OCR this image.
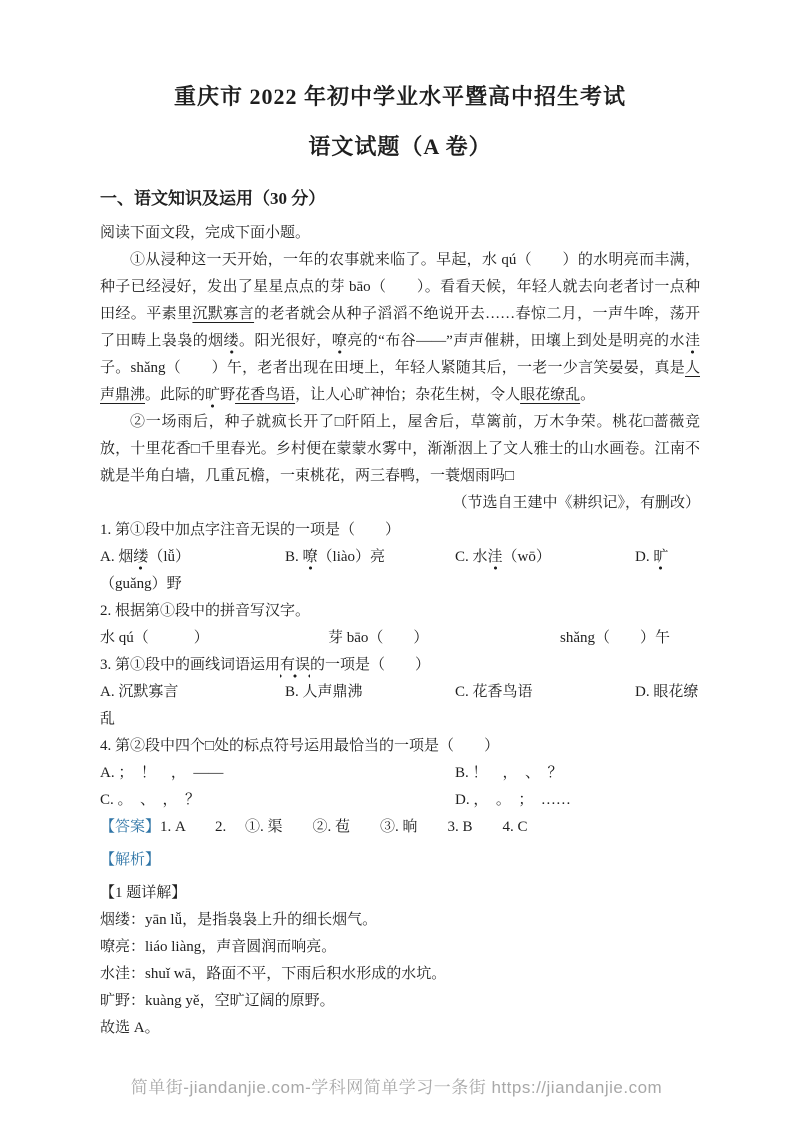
重庆市 2022 年初中学业水平暨高中招生考试
语文试题（A 卷）
一、语文知识及运用（30 分）

阅读下面文段，完成下面小题。

①从浸种这一天开始，一年的农事就来临了。早起，水 qú（　　）的水明亮而丰满，种子已经浸好，发出了星星点点的芽 bāo（　　）。看看天候，年轻人就去向老者讨一点种田经。平素里沉默寡言的老者就会从种子滔滔不绝说开去……春惊二月，一声牛哞，荡开了田畴上袅袅的烟缕。阳光很好，嘹亮的“布谷——”声声催耕，田壤上到处是明亮的水洼子。shǎng（　　）午，老者出现在田埂上，年轻人紧随其后，一老一少言笑晏晏，真是人声鼎沸。此际的旷野花香鸟语，让人心旷神怡；杂花生树，令人眼花缭乱。

②一场雨后，种子就疯长开了□阡陌上，屋舍后，草篱前，万木争荣。桃花□蔷薇竞放，十里花香□千里春光。乡村便在蒙蒙水雾中，渐渐洇上了文人雅士的山水画卷。江南不就是半角白墙，几重瓦檐，一束桃花，两三春鸭，一蓑烟雨吗□

（节选自王建中《耕织记》，有删改）

1. 第①段中加点字注音无误的一项是（　　）

A. 烟缕（lǚ）	B. 嘹（liào）亮	C. 水洼（wō）	D. 旷

（guǎng）野

2. 根据第①段中的拼音写汉字。

水 qú（　　　）	芽 bāo（　　）	shǎng（　　）午

3. 第①段中的画线词语运用有误的一项是（　　）

A. 沉默寡言	B. 人声鼎沸	C. 花香鸟语	D. 眼花缭

乱

4. 第②段中四个□处的标点符号运用最恰当的一项是（　　）

A. ；　！　，　——	B. ！　，　、　？
C. 。　、　，　？	D. ，　。　；　……

【答案】1. A　　2. 　①. 渠　　②. 苞　　③. 晌　　3. B　　4. C

【解析】

【1 题详解】

烟缕：yān lǚ，是指袅袅上升的细长烟气。

嘹亮：liáo liàng，声音圆润而响亮。

水洼：shuǐ wā，路面不平，下雨后积水形成的水坑。

旷野：kuàng yě，空旷辽阔的原野。

故选 A。

简单街-jiandanjie.com-学科网简单学习一条街 https://jiandanjie.com
